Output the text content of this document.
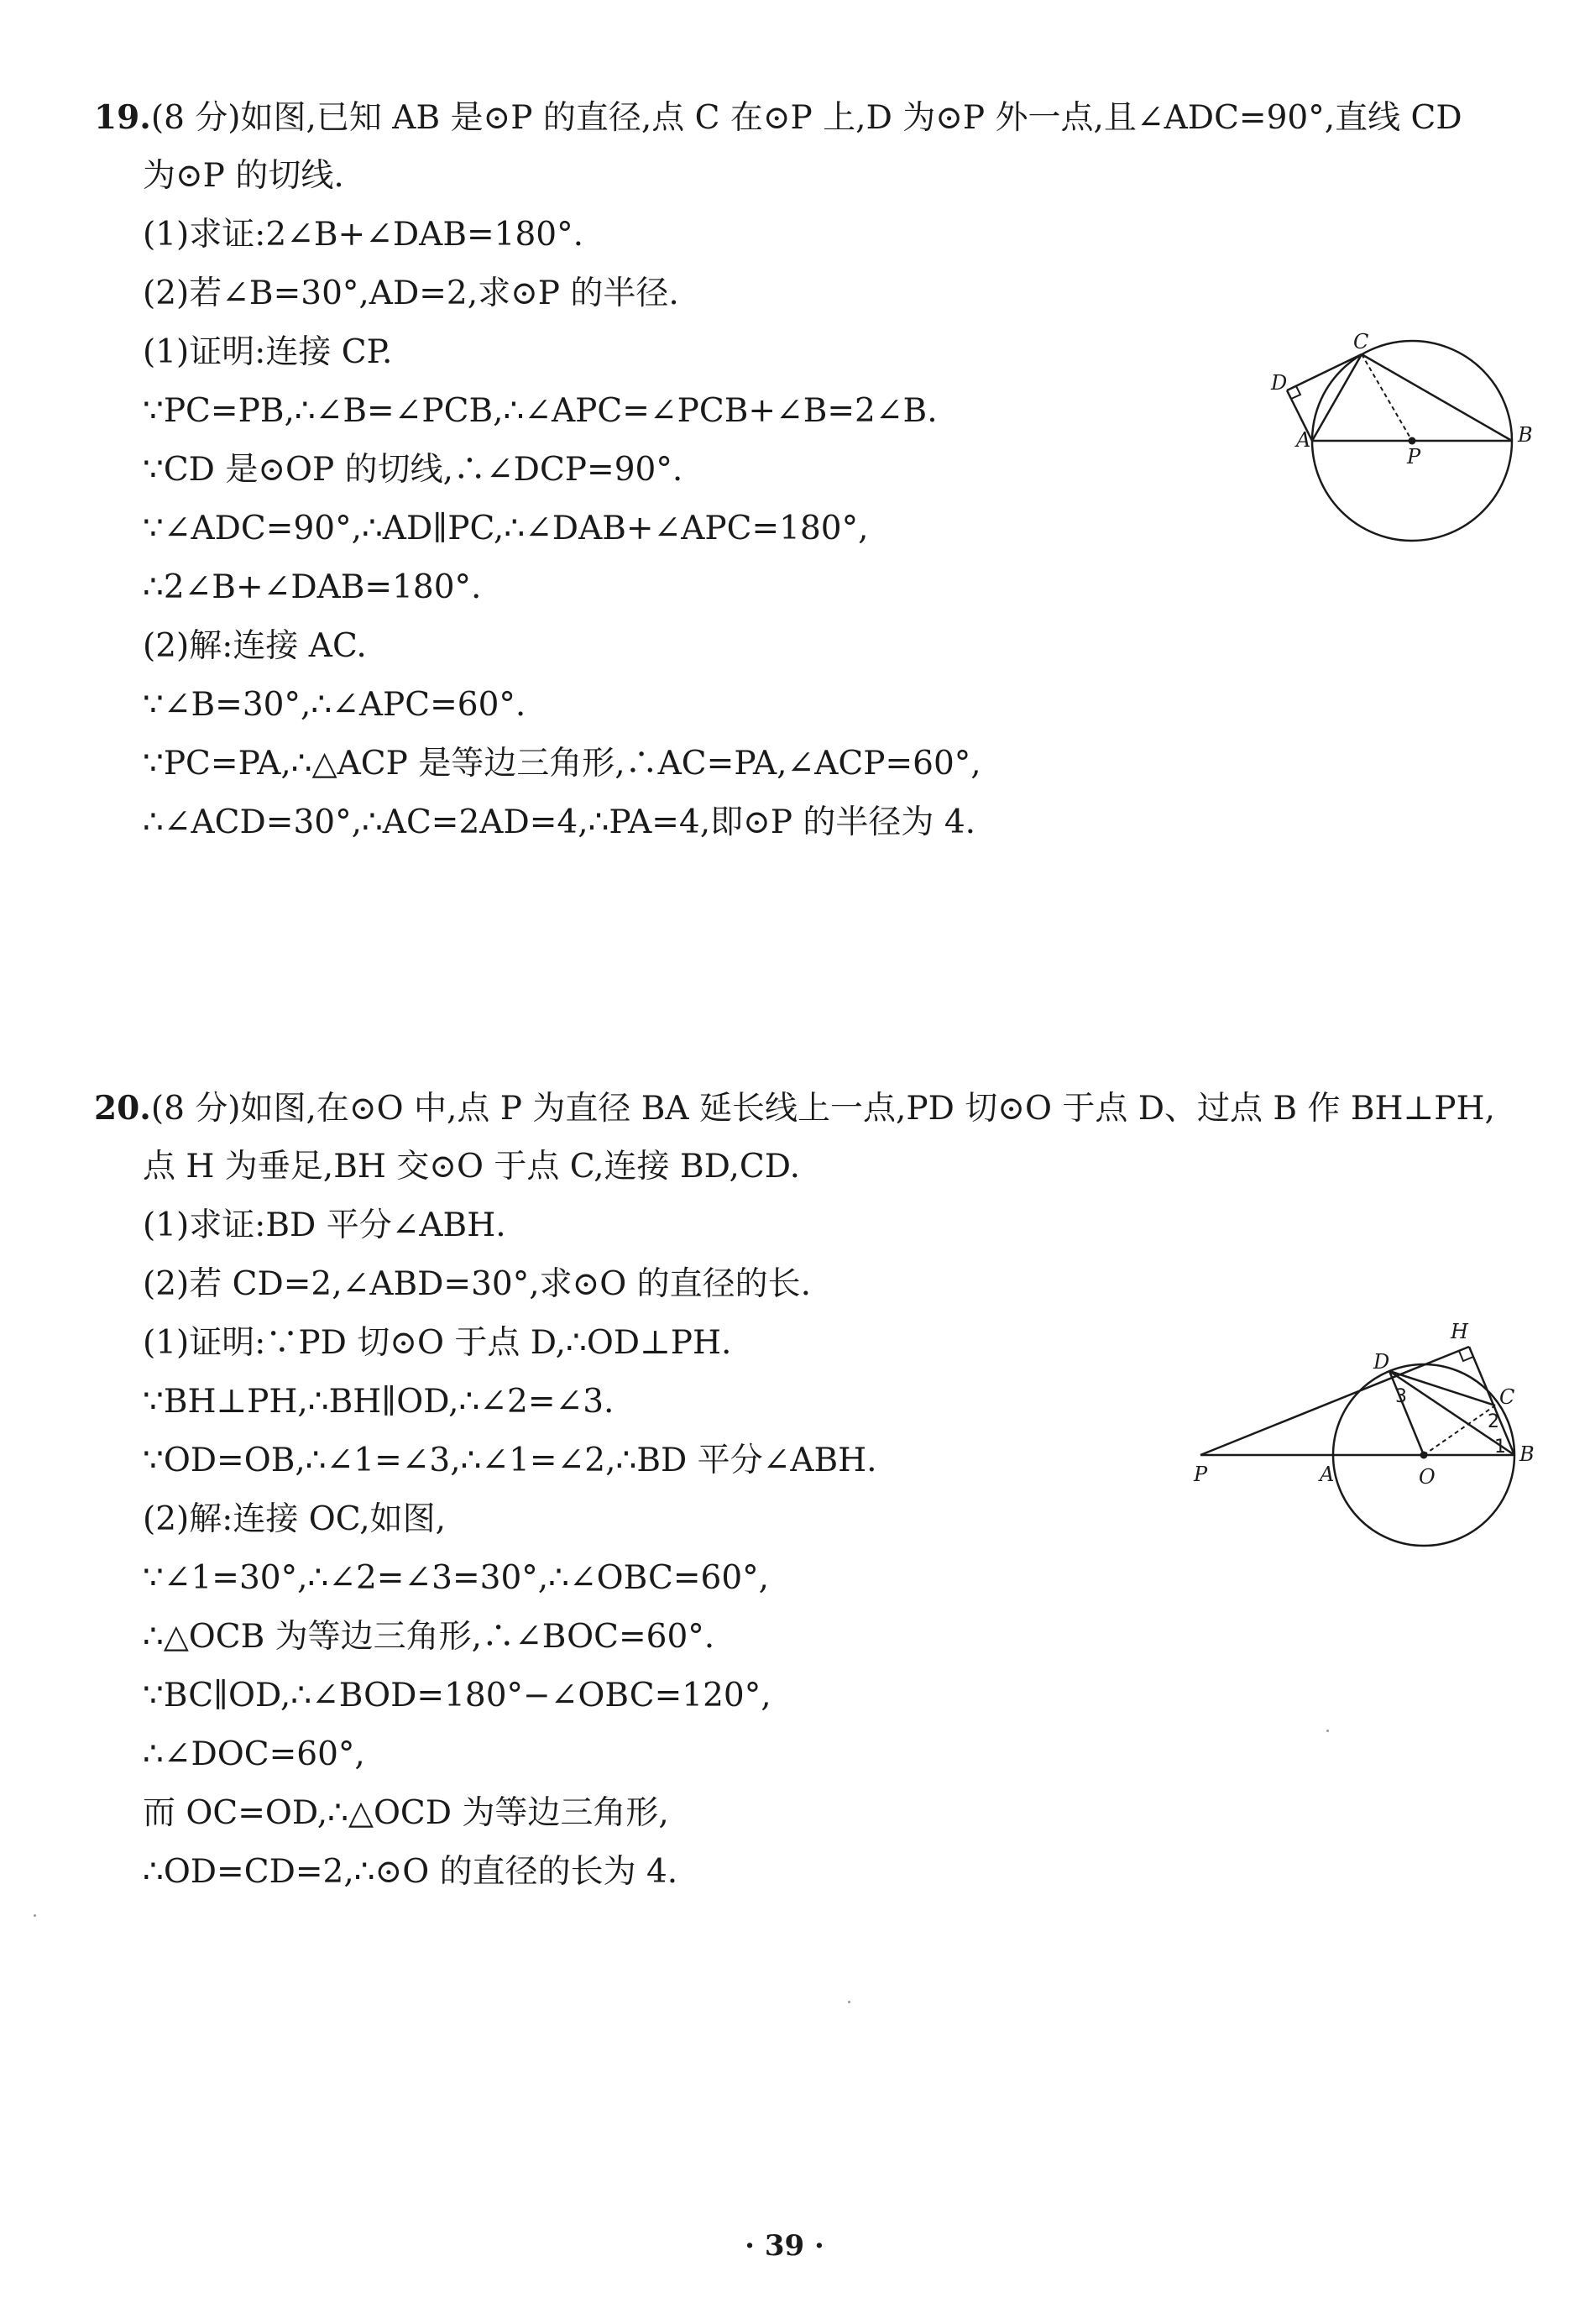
19.(8 分)如图,已知 AB 是⊙P 的直径,点 C 在⊙P 上,D 为⊙P 外一点,且∠ADC=90°,直线 CD
为⊙P 的切线.
(1)求证:2∠B+∠DAB=180°.
(2)若∠B=30°,AD=2,求⊙P 的半径.
(1)证明:连接 CP.
∵PC=PB,∴∠B=∠PCB,∴∠APC=∠PCB+∠B=2∠B.
∵CD 是⊙OP 的切线,∴∠DCP=90°.
∵∠ADC=90°,∴AD∥PC,∴∠DAB+∠APC=180°,
∴2∠B+∠DAB=180°.
(2)解:连接 AC.
∵∠B=30°,∴∠APC=60°.
∵PC=PA,∴△ACP 是等边三角形,∴AC=PA,∠ACP=60°,
∴∠ACD=30°,∴AC=2AD=4,∴PA=4,即⊙P 的半径为 4.
C
D
A
P
B
20.(8 分)如图,在⊙O 中,点 P 为直径 BA 延长线上一点,PD 切⊙O 于点 D、过点 B 作 BH⊥PH,
点 H 为垂足,BH 交⊙O 于点 C,连接 BD,CD.
(1)求证:BD 平分∠ABH.
(2)若 CD=2,∠ABD=30°,求⊙O 的直径的长.
(1)证明:∵PD 切⊙O 于点 D,∴OD⊥PH.
∵BH⊥PH,∴BH∥OD,∴∠2=∠3.
∵OD=OB,∴∠1=∠3,∴∠1=∠2,∴BD 平分∠ABH.
(2)解:连接 OC,如图,
∵∠1=30°,∴∠2=∠3=30°,∴∠OBC=60°,
∴△OCB 为等边三角形,∴∠BOC=60°.
∵BC∥OD,∴∠BOD=180°−∠OBC=120°,
∴∠DOC=60°,
而 OC=OD,∴△OCD 为等边三角形,
∴OD=CD=2,∴⊙O 的直径的长为 4.
H
D
C
P	A	O
B
1
2
3
· 39 ·
